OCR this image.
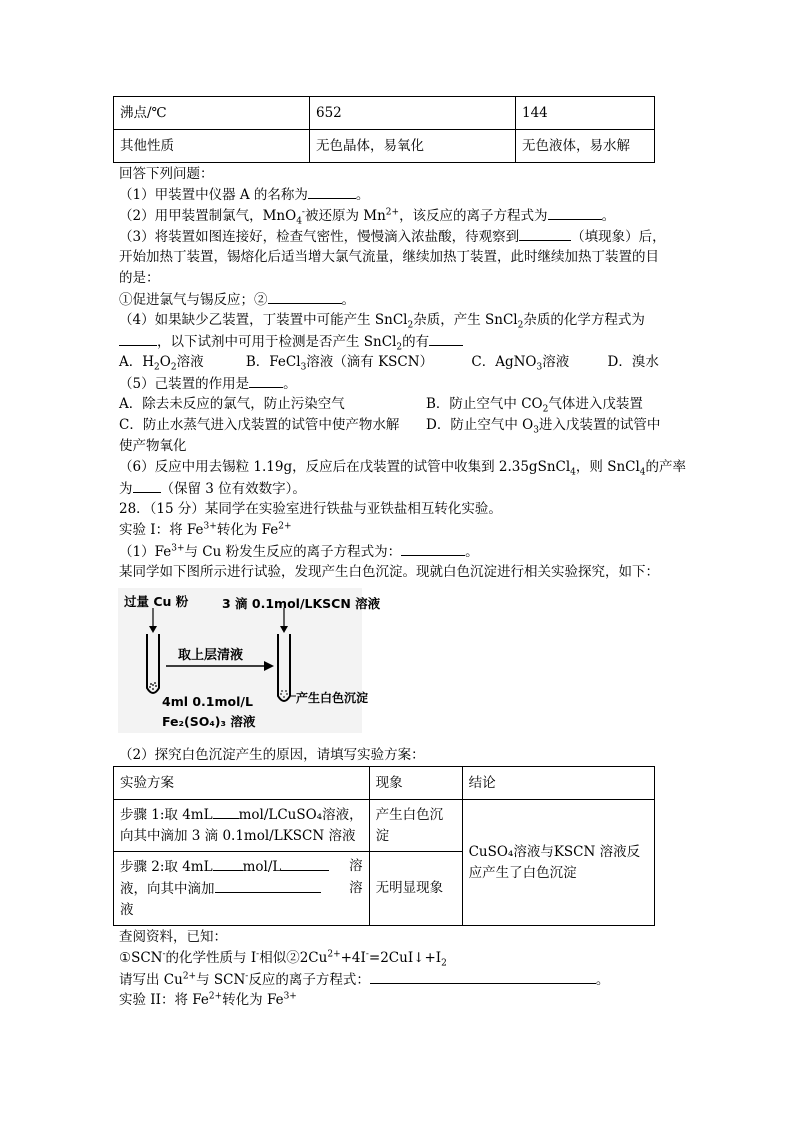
沸点/℃	652	144
其他性质	无色晶体，易氧化	无色液体，易水解
回答下列问题：
（1）甲装置中仪器 A 的名称为	。
（2）用甲装置制氯气，MnO$_4$-被还原为 $Mn^{2+}$，该反应的离子方程式为	。
（3）将装置如图连接好，检查气密性，慢慢滴入浓盐酸，待观察到	（填现象）后，
开始加热丁装置，锡熔化后适当增大氯气流量，继续加热丁装置，此时继续加热丁装置的目
的是：
①促进氯气与锡反应；②	。
（4）如果缺少乙装置，丁装置中可能产生 SnCl$_2$杂质，产生 SnCl$_2$杂质的化学方程式为
，以下试剂中可用于检测是否产生 SnCl$_2$的有
A．$H_2O_2$溶液	B．FeCl$_3$溶液（滴有 KSCN）	C．AgNO$_3$溶液	D．溴水
（5）己装置的作用是	。
A．除去未反应的氯气，防止污染空气	B．防止空气中 $CO_2$气体进入戊装置
C．防止水蒸气进入戊装置的试管中使产物水解 D．防止空气中 $O_3$进入戊装置的试管中
使产物氧化
（6）反应中用去锡粒 1.19g，反应后在戊装置的试管中收集到 2.35gSnCl$_4$，则 SnCl$_4$的产率
为 （保留 3 位有效数字）。
28．（15 分）某同学在实验室进行铁盐与亚铁盐相互转化实验。
实验 I：将 $Fe^{3+}$转化为 $Fe^{2+}$
$(1)Fe^{3+}$与 Cu 粉发生反应的离子方程式为：	。
某同学如下图所示进行试验，发现产生白色沉淀。现就白色沉淀进行相关实验探究，如下：
过量 Cu 粉	3 滴 0.1mol/LKSCN 溶液
取上层清液
4ml 0.1mol/L
Fe₂(SO₄)₃ 溶液
产生白色沉淀
（2）探究白色沉淀产生的原因，请填写实验方案：
实验方案	现象	结论

步骤 1:取 4mL mol/LCuSO₄溶液，
向其中滴加 3 滴 0.1mol/LKSCN 溶液	产生白色沉淀	CuSO₄溶液与KSCN 溶液反应产生了白色沉淀

步骤 2:取 4mL mol/L 溶
液，向其中滴加 溶
液	无明显现象	
查阅资料，已知：
①SCN-的化学性质与 I-相似$②2Cu^{2+}+4I^-=2CuI↓+I_2$
请写出 $Cu^{2+}$与 SCN-反应的离子方程式：	。
实验 II：将 $Fe^{2+}$转化为 $Fe^{3+}$
